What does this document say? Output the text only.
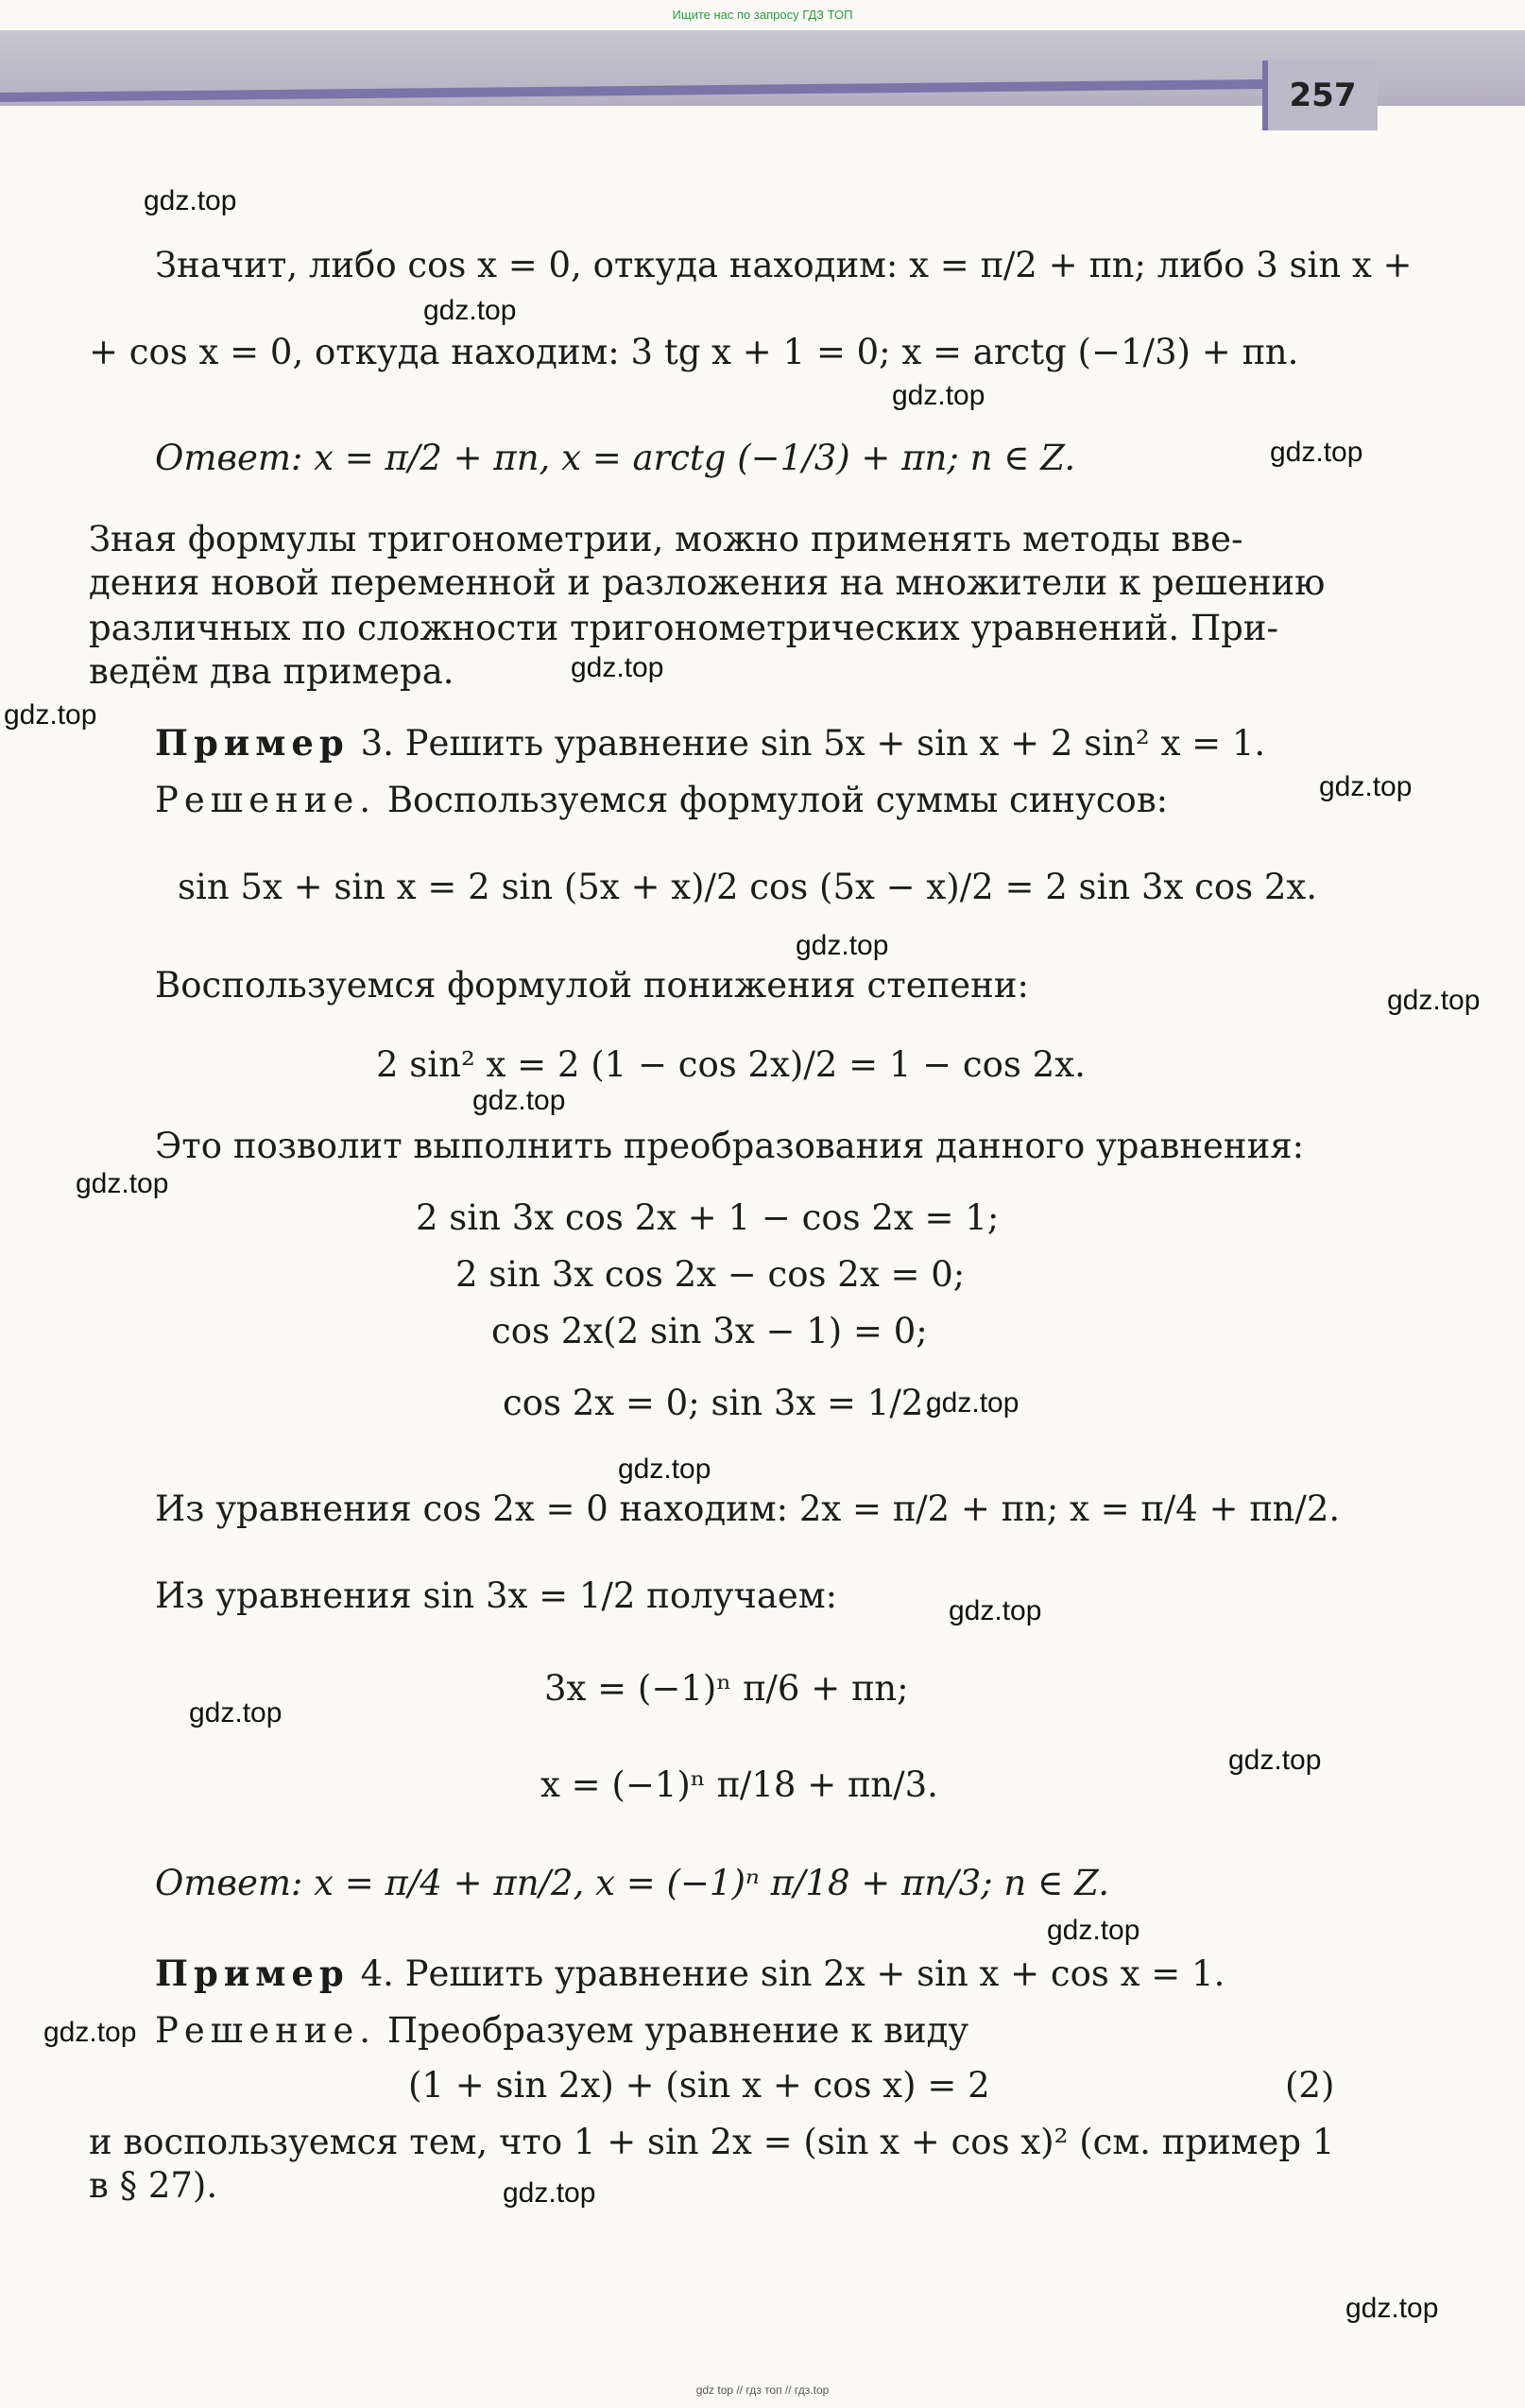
Ищите нас по запросу ГДЗ ТОП
257
gdz.top
gdz.top
gdz.top
gdz.top
gdz.top
gdz.top
gdz.top
gdz.top
gdz.top
gdz.top
gdz.top
gdz.top
gdz.top
gdz.top
gdz.top
gdz.top
gdz.top
gdz.top
gdz.top
gdz.top
Значит, либо cos x = 0, откуда находим: x = π/2 + πn; либо 3 sin x +
+ cos x = 0, откуда находим: 3 tg x + 1 = 0; x = arctg (−1/3) + πn.
Ответ: x = π/2 + πn, x = arctg (−1/3) + πn; n ∈ Z.
Зная формулы тригонометрии, можно применять методы вве-
дения новой переменной и разложения на множители к решению
различных по сложности тригонометрических уравнений. При-
ведём два примера.
Пример 3. Решить уравнение sin 5x + sin x + 2 sin² x = 1.
Решение. Воспользуемся формулой суммы синусов:
sin 5x + sin x = 2 sin (5x + x)/2 cos (5x − x)/2 = 2 sin 3x cos 2x.
Воспользуемся формулой понижения степени:
2 sin² x = 2 (1 − cos 2x)/2 = 1 − cos 2x.
Это позволит выполнить преобразования данного уравнения:
2 sin 3x cos 2x + 1 − cos 2x = 1;
2 sin 3x cos 2x − cos 2x = 0;
cos 2x(2 sin 3x − 1) = 0;
cos 2x = 0; sin 3x = 1/2.
Из уравнения cos 2x = 0 находим: 2x = π/2 + πn; x = π/4 + πn/2.
Из уравнения sin 3x = 1/2 получаем:
3x = (−1)ⁿ π/6 + πn;
x = (−1)ⁿ π/18 + πn/3.
Ответ: x = π/4 + πn/2, x = (−1)ⁿ π/18 + πn/3; n ∈ Z.
Пример 4. Решить уравнение sin 2x + sin x + cos x = 1.
Решение. Преобразуем уравнение к виду
(1 + sin 2x) + (sin x + cos x) = 2	(2)
и воспользуемся тем, что 1 + sin 2x = (sin x + cos x)² (см. пример 1
в § 27).
gdz top // гдз топ // гдз.top
